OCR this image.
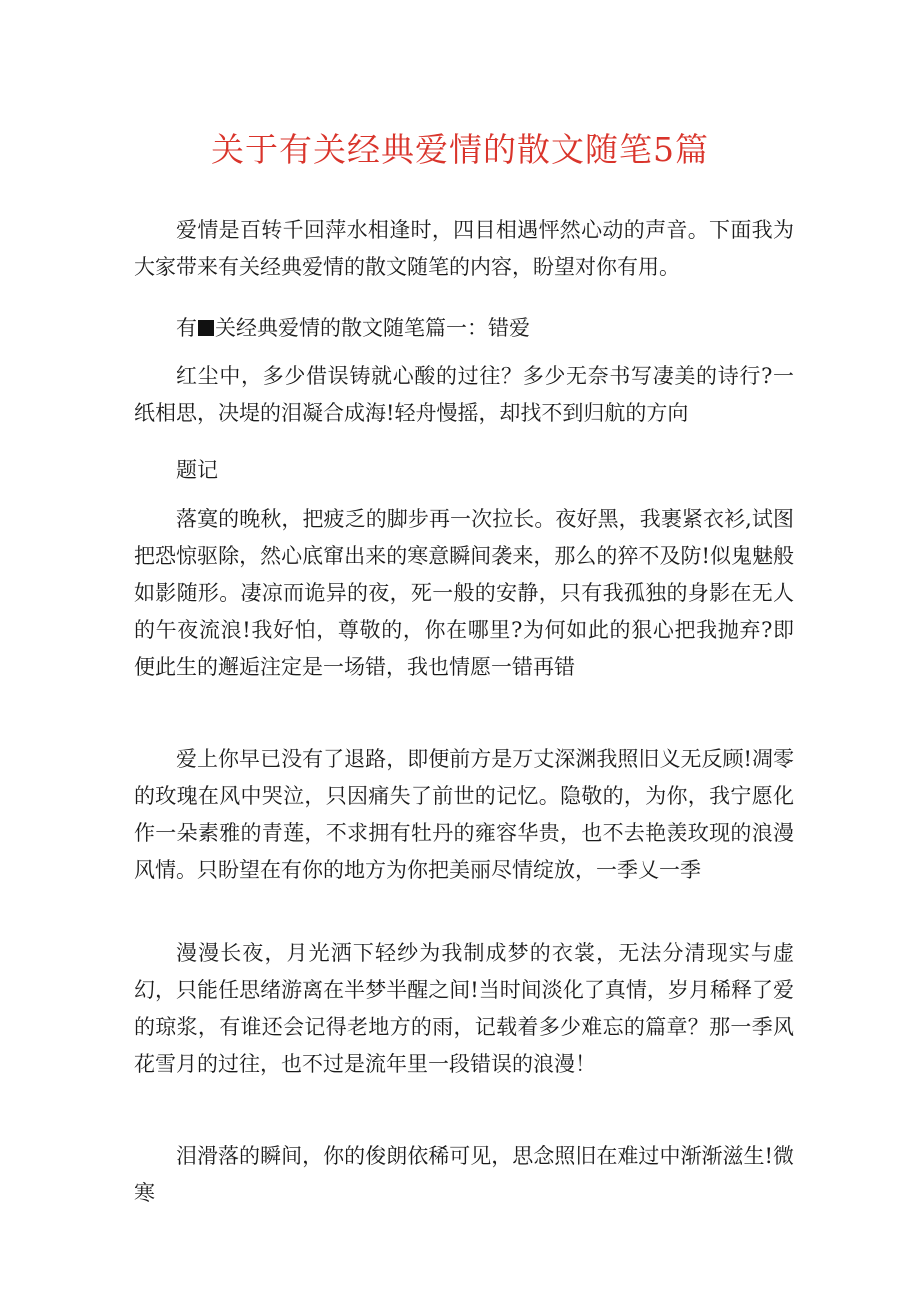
关于有关经典爱情的散文随笔5篇

爱情是百转千回萍水相逢时，四目相遇怦然心动的声音。下面我为大家带来有关经典爱情的散文随笔的内容，盼望对你有用。

有 关经典爱情的散文随笔篇一：错爱

红尘中，多少借误铸就心酸的过往？多少无奈书写凄美的诗行?一纸相思，决堤的泪凝合成海!轻舟慢摇，却找不到归航的方向

题记

落寞的晚秋，把疲乏的脚步再一次拉长。夜好黑，我裹紧衣衫,试图把恐惊驱除，然心底窜出来的寒意瞬间袭来，那么的猝不及防!似鬼魅般如影随形。凄凉而诡异的夜，死一般的安静，只有我孤独的身影在无人的午夜流浪!我好怕，尊敬的，你在哪里?为何如此的狠心把我抛弃?即便此生的邂逅注定是一场错，我也情愿一错再错

爱上你早已没有了退路，即便前方是万丈深渊我照旧义无反顾!凋零的玫瑰在风中哭泣，只因痛失了前世的记忆。隐敬的，为你，我宁愿化作一朵素雅的青莲，不求拥有牡丹的雍容华贵，也不去艳羡玫现的浪漫风情。只盼望在有你的地方为你把美丽尽情绽放，一季乂一季

漫漫长夜，月光洒下轻纱为我制成梦的衣裳，无法分清现实与虚幻，只能任思绪游离在半梦半醒之间!当时间淡化了真情，岁月稀释了爱的琼浆，有谁还会记得老地方的雨，记载着多少难忘的篇章？那一季风花雪月的过往，也不过是流年里一段错误的浪漫！

泪滑落的瞬间，你的俊朗依稀可见，思念照旧在难过中渐渐滋生!微寒
